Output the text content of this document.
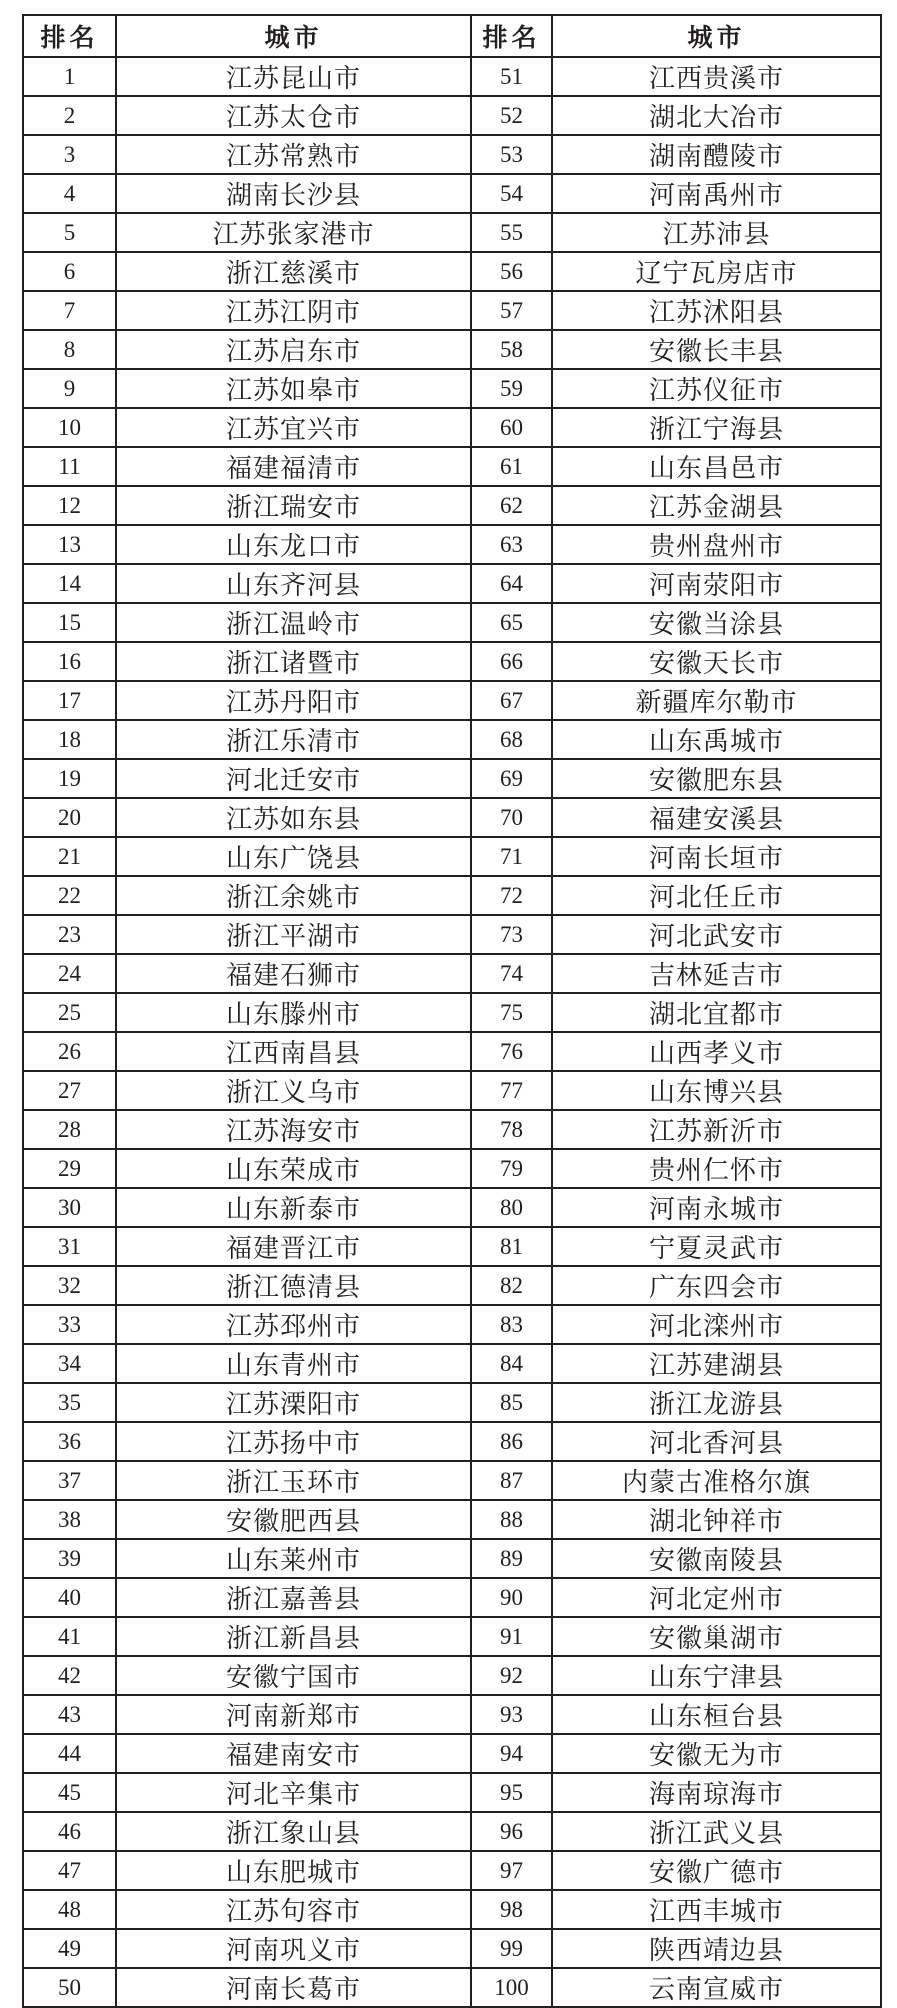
排名	城市	排名	城市
1	江苏昆山市	51	江西贵溪市
2	江苏太仓市	52	湖北大冶市
3	江苏常熟市	53	湖南醴陵市
4	湖南长沙县	54	河南禹州市
5	江苏张家港市	55	江苏沛县
6	浙江慈溪市	56	辽宁瓦房店市
7	江苏江阴市	57	江苏沭阳县
8	江苏启东市	58	安徽长丰县
9	江苏如皋市	59	江苏仪征市
10	江苏宜兴市	60	浙江宁海县
11	福建福清市	61	山东昌邑市
12	浙江瑞安市	62	江苏金湖县
13	山东龙口市	63	贵州盘州市
14	山东齐河县	64	河南荥阳市
15	浙江温岭市	65	安徽当涂县
16	浙江诸暨市	66	安徽天长市
17	江苏丹阳市	67	新疆库尔勒市
18	浙江乐清市	68	山东禹城市
19	河北迁安市	69	安徽肥东县
20	江苏如东县	70	福建安溪县
21	山东广饶县	71	河南长垣市
22	浙江余姚市	72	河北任丘市
23	浙江平湖市	73	河北武安市
24	福建石狮市	74	吉林延吉市
25	山东滕州市	75	湖北宜都市
26	江西南昌县	76	山西孝义市
27	浙江义乌市	77	山东博兴县
28	江苏海安市	78	江苏新沂市
29	山东荣成市	79	贵州仁怀市
30	山东新泰市	80	河南永城市
31	福建晋江市	81	宁夏灵武市
32	浙江德清县	82	广东四会市
33	江苏邳州市	83	河北滦州市
34	山东青州市	84	江苏建湖县
35	江苏溧阳市	85	浙江龙游县
36	江苏扬中市	86	河北香河县
37	浙江玉环市	87	内蒙古准格尔旗
38	安徽肥西县	88	湖北钟祥市
39	山东莱州市	89	安徽南陵县
40	浙江嘉善县	90	河北定州市
41	浙江新昌县	91	安徽巢湖市
42	安徽宁国市	92	山东宁津县
43	河南新郑市	93	山东桓台县
44	福建南安市	94	安徽无为市
45	河北辛集市	95	海南琼海市
46	浙江象山县	96	浙江武义县
47	山东肥城市	97	安徽广德市
48	江苏句容市	98	江西丰城市
49	河南巩义市	99	陕西靖边县
50	河南长葛市	100	云南宣威市
